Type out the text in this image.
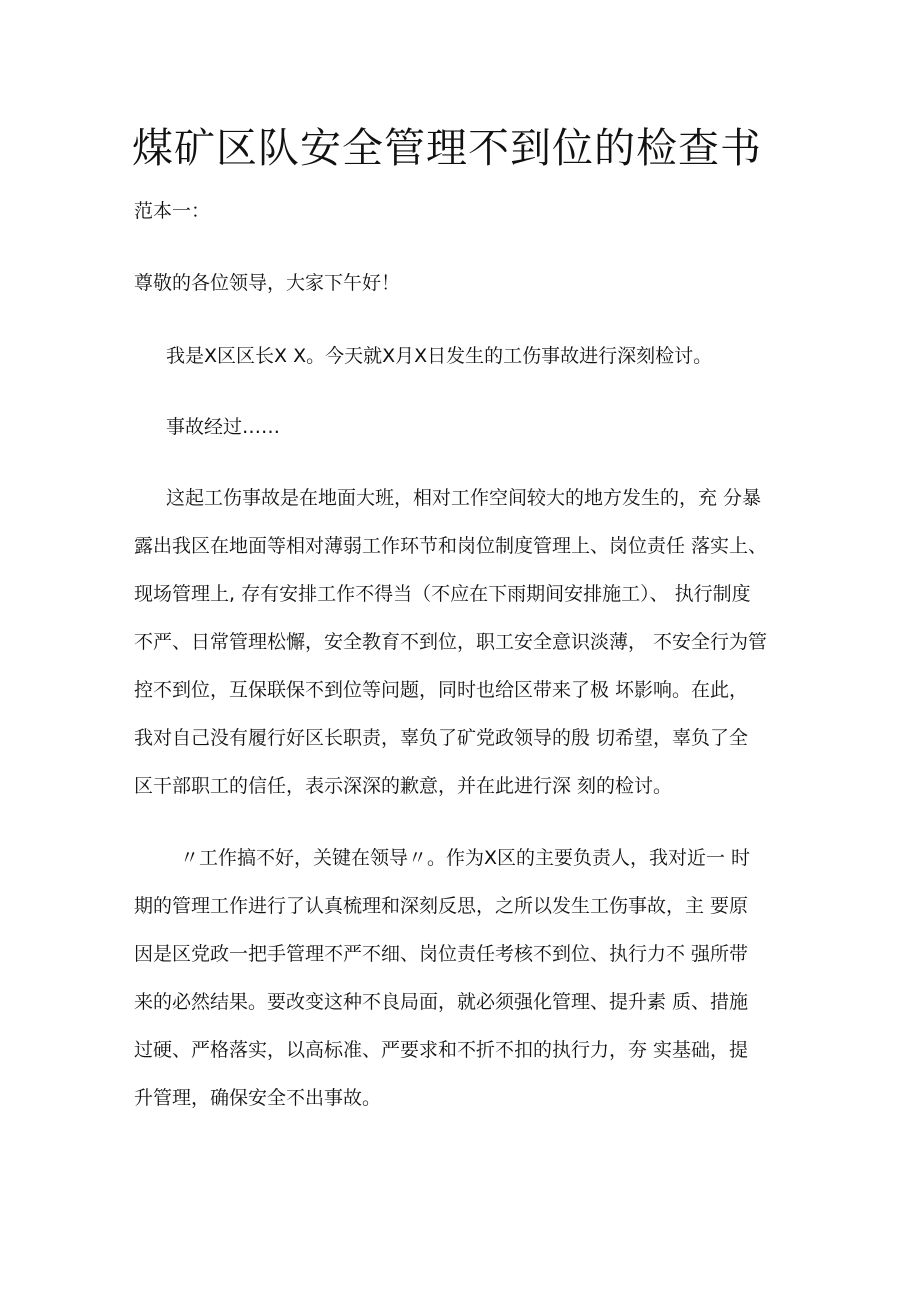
煤矿区队安全管理不到位的检查书

范本一：

尊敬的各位领导，大家下午好！

我是X区区长X X。今天就X月X日发生的工伤事故进行深刻检讨。

事故经过……

这起工伤事故是在地面大班，相对工作空间较大的地方发生的，充 分暴

露出我区在地面等相对薄弱工作环节和岗位制度管理上、岗位责任 落实上、

现场管理上, 存有安排工作不得当（不应在下雨期间安排施工）、 执行制度

不严、日常管理松懈，安全教育不到位，职工安全意识淡薄， 不安全行为管

控不到位，互保联保不到位等问题，同时也给区带来了极 坏影响。在此，

我对自己没有履行好区长职责，辜负了矿党政领导的殷 切希望，辜负了全

区干部职工的信任，表示深深的歉意，并在此进行深 刻的检讨。

〃工作搞不好，关键在领导〃。作为X区的主要负责人，我对近一 时

期的管理工作进行了认真梳理和深刻反思，之所以发生工伤事故，主 要原

因是区党政一把手管理不严不细、岗位责任考核不到位、执行力不 强所带

来的必然结果。要改变这种不良局面，就必须强化管理、提升素 质、措施

过硬、严格落实，以高标准、严要求和不折不扣的执行力，夯 实基础，提

升管理，确保安全不出事故。
